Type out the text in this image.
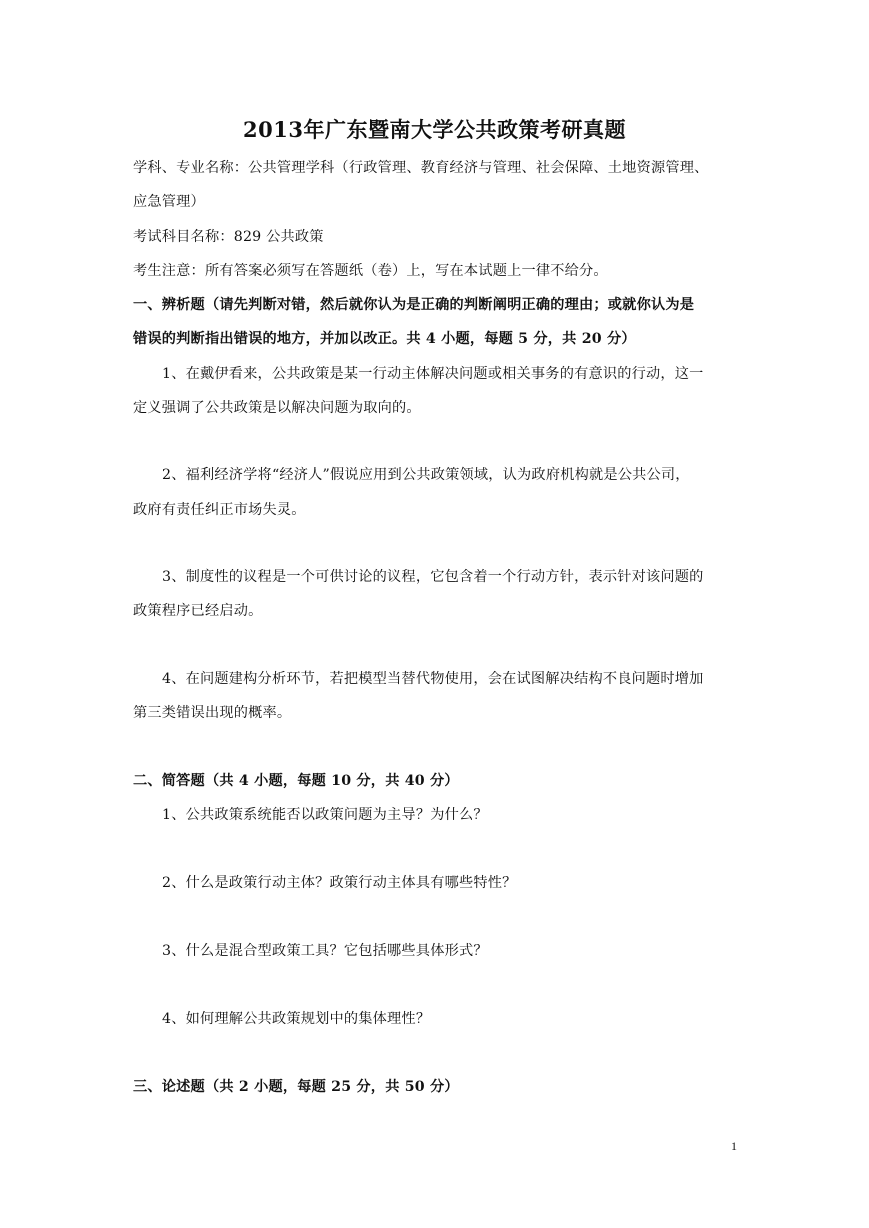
2013年广东暨南大学公共政策考研真题
学科、专业名称：公共管理学科（行政管理、教育经济与管理、社会保障、土地资源管理、
应急管理）
考试科目名称：829 公共政策
考生注意：所有答案必须写在答题纸（卷）上，写在本试题上一律不给分。
一、辨析题（请先判断对错，然后就你认为是正确的判断阐明正确的理由；或就你认为是
错误的判断指出错误的地方，并加以改正。共 4 小题，每题 5 分，共 20 分）
1、在戴伊看来，公共政策是某一行动主体解决问题或相关事务的有意识的行动，这一
定义强调了公共政策是以解决问题为取向的。
2、福利经济学将“经济人”假说应用到公共政策领域，认为政府机构就是公共公司，
政府有责任纠正市场失灵。
3、制度性的议程是一个可供讨论的议程，它包含着一个行动方针，表示针对该问题的
政策程序已经启动。
4、在问题建构分析环节，若把模型当替代物使用，会在试图解决结构不良问题时增加
第三类错误出现的概率。
二、简答题（共 4 小题，每题 10 分，共 40 分）
1、公共政策系统能否以政策问题为主导？为什么？
2、什么是政策行动主体？政策行动主体具有哪些特性？
3、什么是混合型政策工具？它包括哪些具体形式？
4、如何理解公共政策规划中的集体理性？
三、论述题（共 2 小题，每题 25 分，共 50 分）
1
